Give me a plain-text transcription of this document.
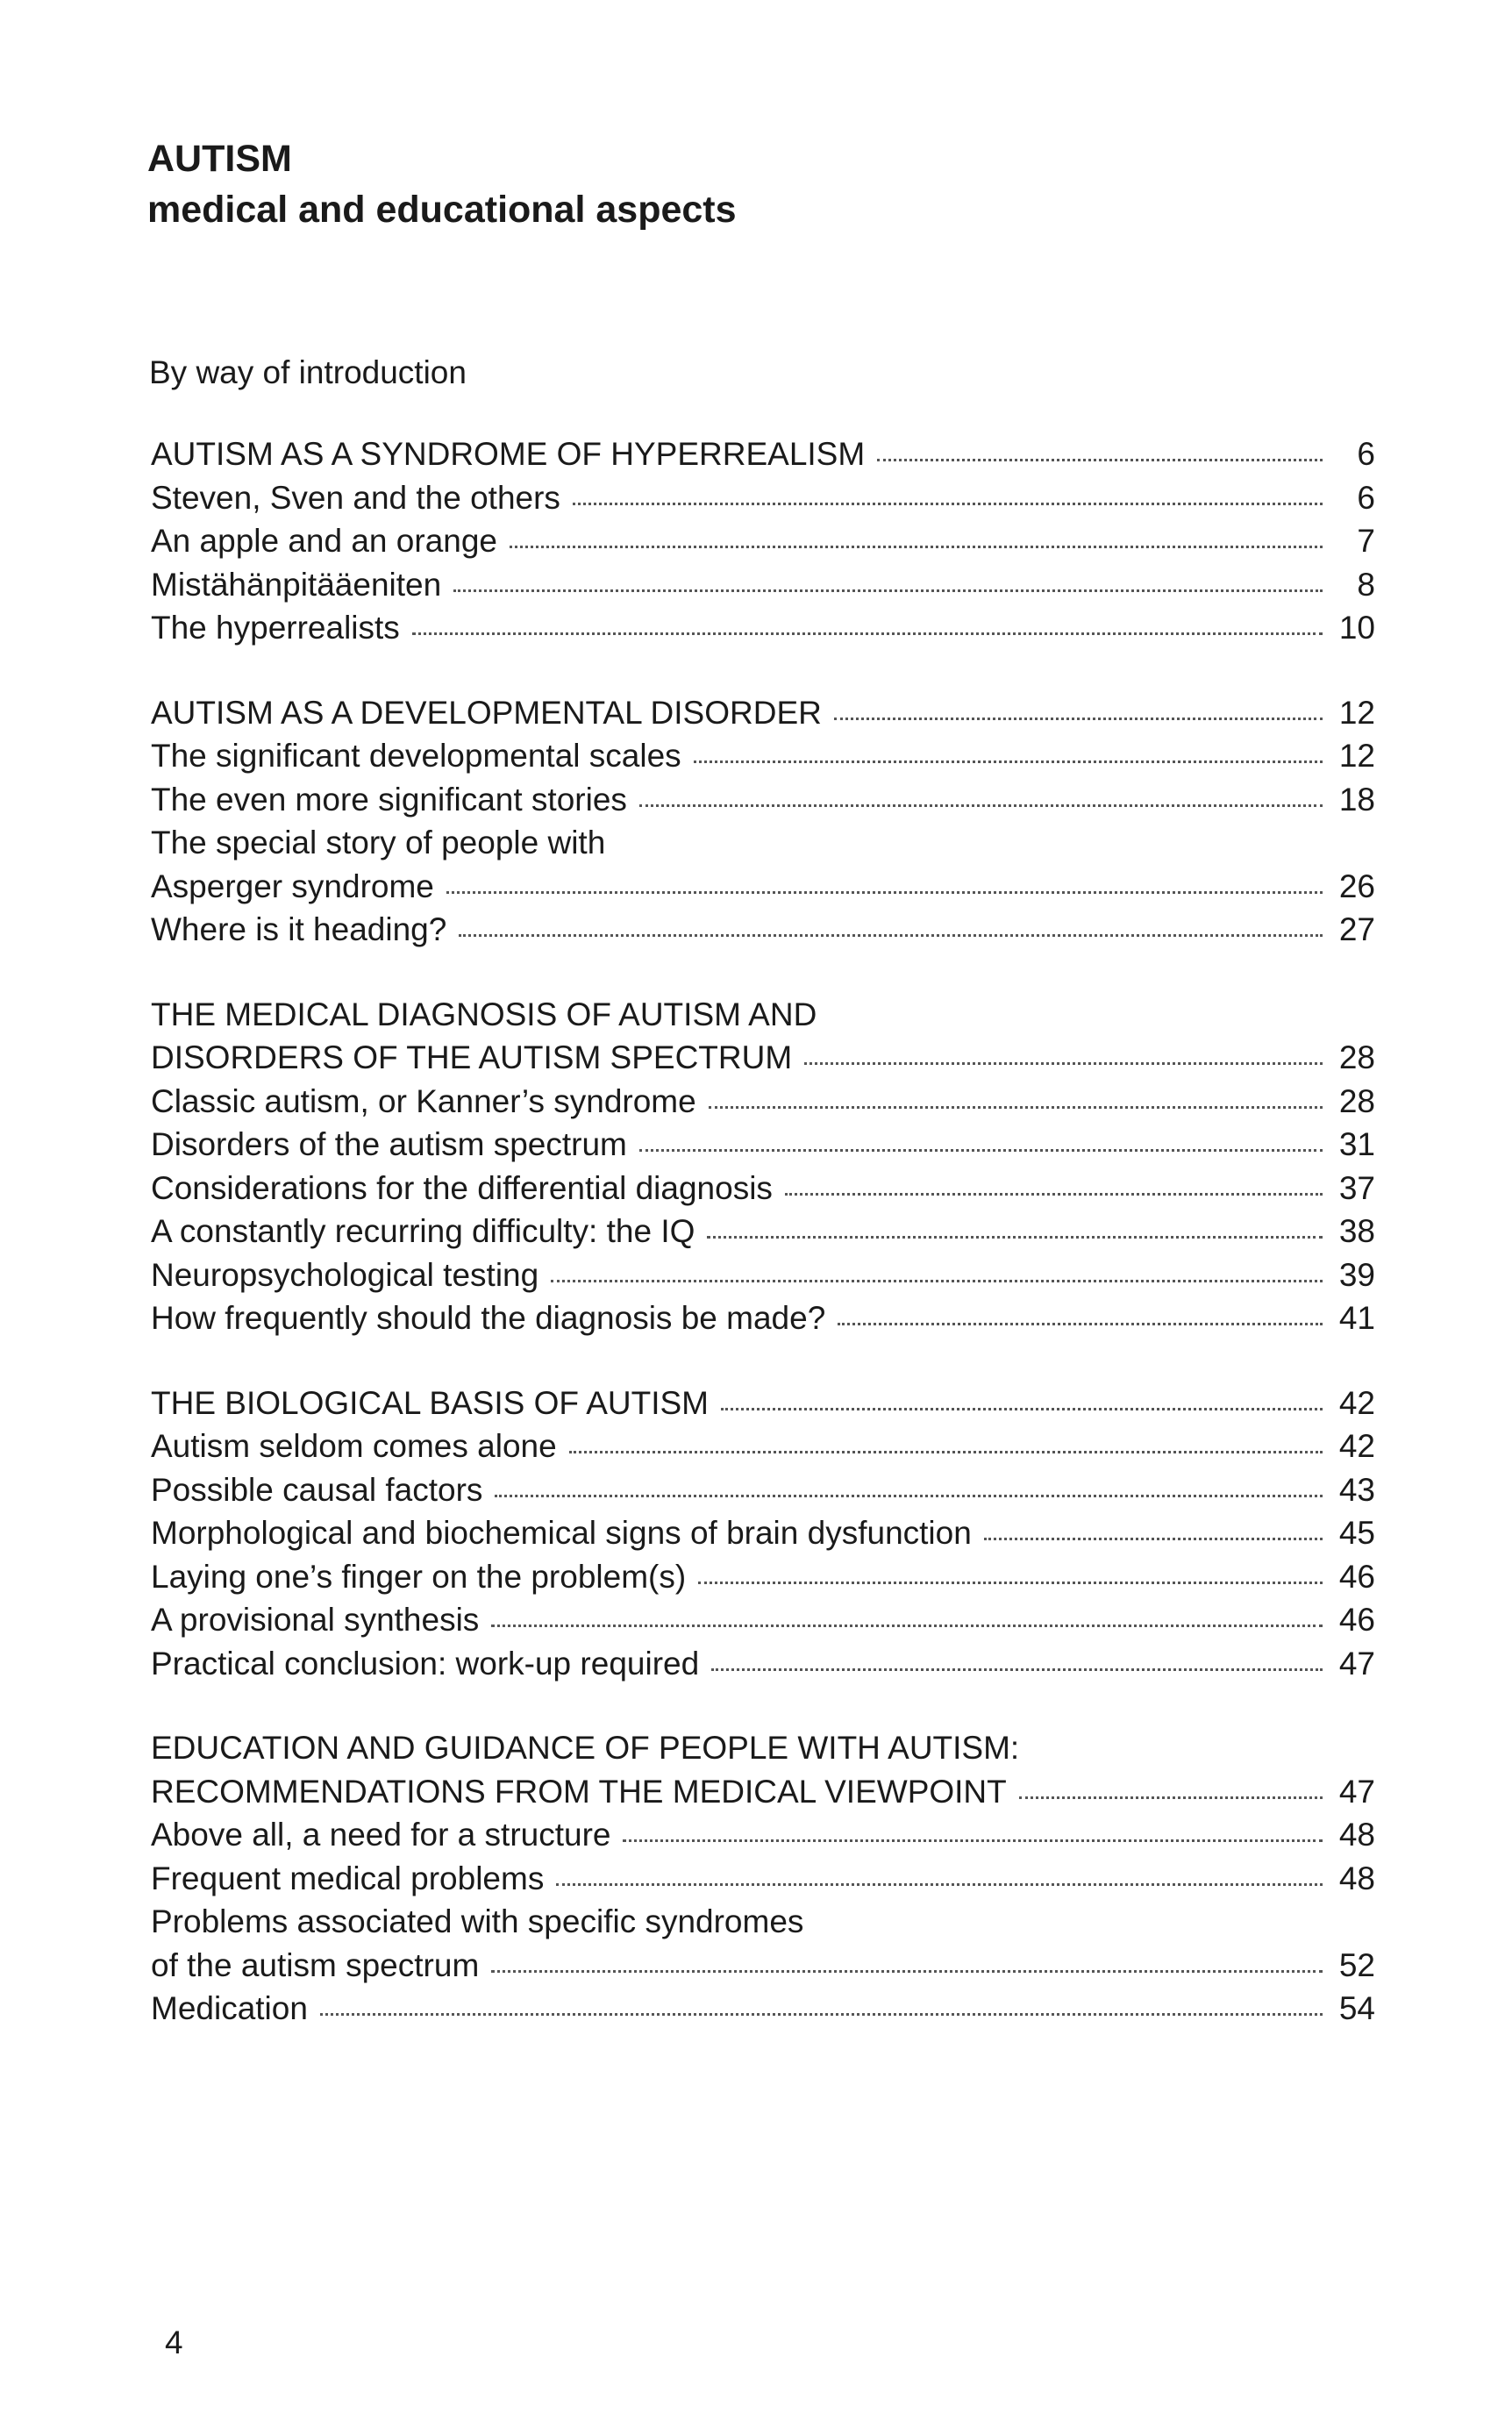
AUTISM
medical and educational aspects
By way of introduction
AUTISM AS A SYNDROME OF HYPERREALISM	6
Steven, Sven and the others	6
An apple and an orange	7
Mistähänpitääeniten	8
The hyperrealists	10
AUTISM AS A DEVELOPMENTAL DISORDER	12
The significant developmental scales	12
The even more significant stories	18
The special story of people with
Asperger syndrome	26
Where is it heading?	27
THE MEDICAL DIAGNOSIS OF AUTISM AND
DISORDERS OF THE AUTISM SPECTRUM	28
Classic autism, or Kanner’s syndrome	28
Disorders of the autism spectrum	31
Considerations for the differential diagnosis	37
A constantly recurring difficulty: the IQ	38
Neuropsychological testing	39
How frequently should the diagnosis be made?	41
THE BIOLOGICAL BASIS OF AUTISM	42
Autism seldom comes alone	42
Possible causal factors	43
Morphological and biochemical signs of brain dysfunction	45
Laying one’s finger on the problem(s)	46
A provisional synthesis	46
Practical conclusion: work-up required	47
EDUCATION AND GUIDANCE OF PEOPLE WITH AUTISM:
RECOMMENDATIONS FROM THE MEDICAL VIEWPOINT	47
Above all, a need for a structure	48
Frequent medical problems	48
Problems associated with specific syndromes
of the autism spectrum	52
Medication	54
4
